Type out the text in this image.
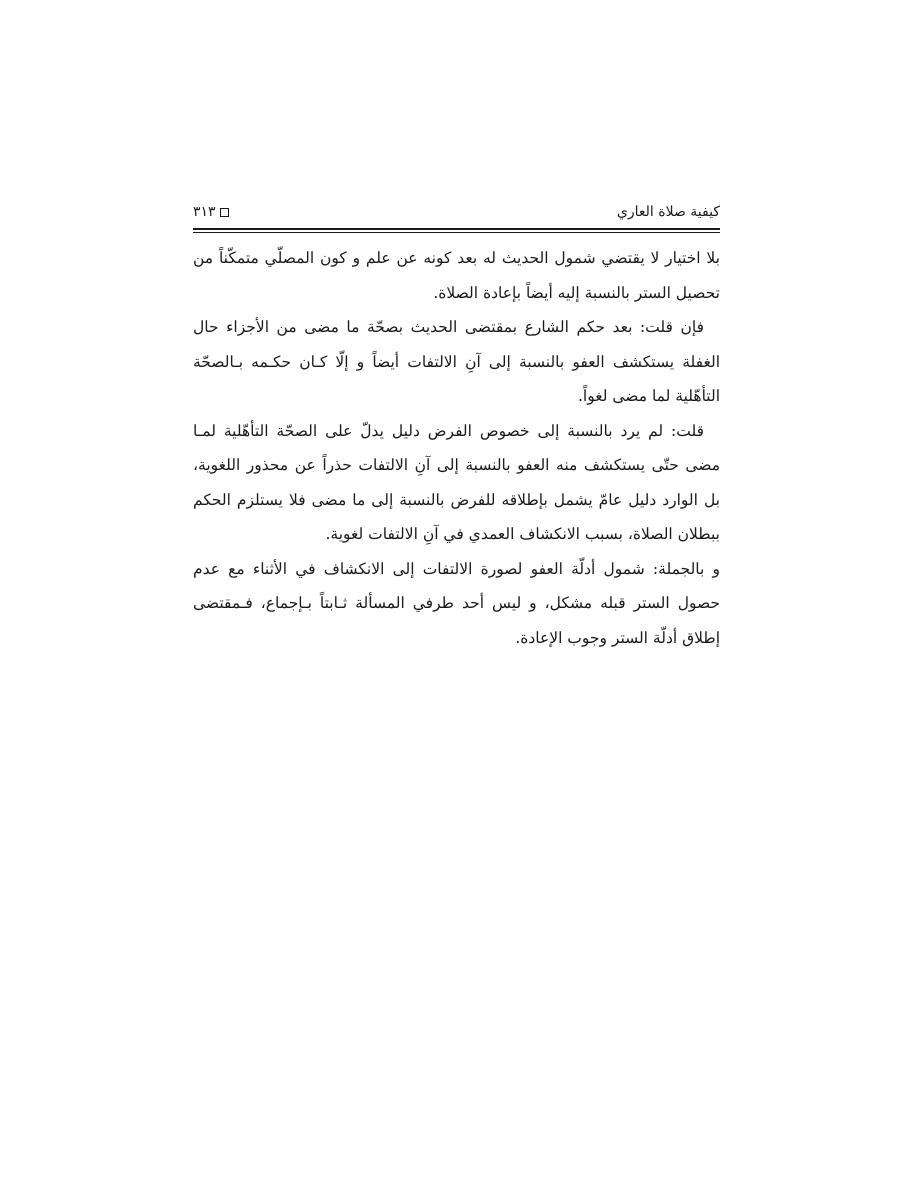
كيفية صلاة العاري
٣١٣

بلا اختيار لا يقتضي شمول الحديث له بعد كونه عن علم و كون المصلّي متمكّناً من تحصيل الستر بالنسبة إليه أيضاً بإعادة الصلاة.

فإن قلت: بعد حكم الشارع بمقتضى الحديث بصحّة ما مضى من الأجزاء حال الغفلة يستكشف العفو بالنسبة إلى آنِ الالتفات أيضاً و إلّا كـان حكـمه بـالصحّة التأهّلية لما مضى لغواً.

قلت: لم يرد بالنسبة إلى خصوص الفرض دليل يدلّ على الصحّة التأهّلية لمـا مضى حتّى يستكشف منه العفو بالنسبة إلى آنِ الالتفات حذراً عن محذور اللغوية، بل الوارد دليل عامّ يشمل بإطلاقه للفرض بالنسبة إلى ما مضى فلا يستلزم الحكم ببطلان الصلاة، بسبب الانكشاف العمدي في آنِ الالتفات لغوية.

و بالجملة: شمول أدلّة العفو لصورة الالتفات إلى الانكشاف في الأثناء مع عدم حصول الستر قبله مشكل، و ليس أحد طرفي المسألة ثـابتاً بـإجماع، فـمقتضى إطلاق أدلّة الستر وجوب الإعادة.
